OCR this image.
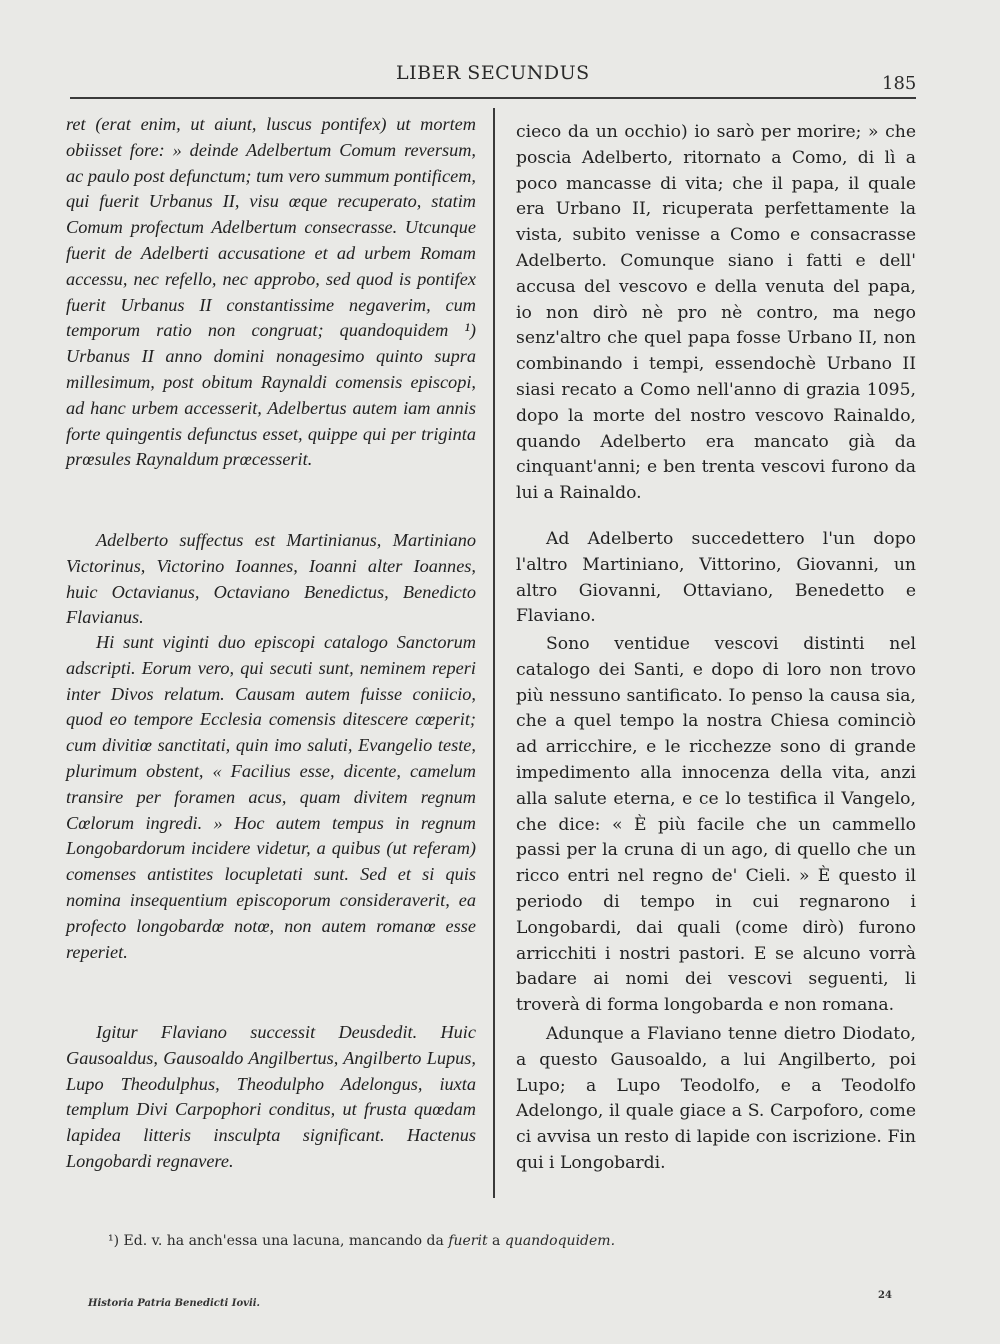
LIBER SECUNDUS	185

ret (erat enim, ut aiunt, luscus pontifex) ut mortem obiisset fore: » deinde Adelbertum Comum reversum, ac paulo post defunctum; tum vero summum pontificem, qui fuerit Urbanus II, visu œque recuperato, statim Comum profectum Adelbertum consecrasse. Utcunque fuerit de Adelberti accusatione et ad urbem Romam accessu, nec refello, nec approbo, sed quod is pontifex fuerit Urbanus II constantissime negaverim, cum temporum ratio non congruat; quandoquidem ¹) Urbanus II anno domini nonagesimo quinto supra millesimum, post obitum Raynaldi comensis episcopi, ad hanc urbem accesserit, Adelbertus autem iam annis forte quingentis defunctus esset, quippe qui per triginta prœsules Raynaldum prœcesserit.

Adelberto suffectus est Martinianus, Martiniano Victorinus, Victorino Ioannes, Ioanni alter Ioannes, huic Octavianus, Octaviano Benedictus, Benedicto Flavianus.

Hi sunt viginti duo episcopi catalogo Sanctorum adscripti. Eorum vero, qui secuti sunt, neminem reperi inter Divos relatum. Causam autem fuisse coniicio, quod eo tempore Ecclesia comensis ditescere cœperit; cum divitiœ sanctitati, quin imo saluti, Evangelio teste, plurimum obstent, « Facilius esse, dicente, camelum transire per foramen acus, quam divitem regnum Cœlorum ingredi. » Hoc autem tempus in regnum Longobardorum incidere videtur, a quibus (ut referam) comenses antistites locupletati sunt. Sed et si quis nomina insequentium episcoporum consideraverit, ea profecto longobardœ notœ, non autem romanœ esse reperiet.

Igitur Flaviano successit Deusdedit. Huic Gausoaldus, Gausoaldo Angilbertus, Angilberto Lupus, Lupo Theodulphus, Theodulpho Adelongus, iuxta templum Divi Carpophori conditus, ut frusta quœdam lapidea litteris insculpta significant. Hactenus Longobardi regnavere.

cieco da un occhio) io sarò per morire; » che poscia Adelberto, ritornato a Como, di lì a poco mancasse di vita; che il papa, il quale era Urbano II, ricuperata perfettamente la vista, subito venisse a Como e consacrasse Adelberto. Comunque siano i fatti e dell' accusa del vescovo e della venuta del papa, io non dirò nè pro nè contro, ma nego senz'altro che quel papa fosse Urbano II, non combinando i tempi, essendochè Urbano II siasi recato a Como nell'anno di grazia 1095, dopo la morte del nostro vescovo Rainaldo, quando Adelberto era mancato già da cinquant'anni; e ben trenta vescovi furono da lui a Rainaldo.

Ad Adelberto succedettero l'un dopo l'altro Martiniano, Vittorino, Giovanni, un altro Giovanni, Ottaviano, Benedetto e Flaviano.

Sono ventidue vescovi distinti nel catalogo dei Santi, e dopo di loro non trovo più nessuno santificato. Io penso la causa sia, che a quel tempo la nostra Chiesa cominciò ad arricchire, e le ricchezze sono di grande impedimento alla innocenza della vita, anzi alla salute eterna, e ce lo testifica il Vangelo, che dice: « È più facile che un cammello passi per la cruna di un ago, di quello che un ricco entri nel regno de' Cieli. » È questo il periodo di tempo in cui regnarono i Longobardi, dai quali (come dirò) furono arricchiti i nostri pastori. E se alcuno vorrà badare ai nomi dei vescovi seguenti, li troverà di forma longobarda e non romana.

Adunque a Flaviano tenne dietro Diodato, a questo Gausoaldo, a lui Angilberto, poi Lupo; a Lupo Teodolfo, e a Teodolfo Adelongo, il quale giace a S. Carpoforo, come ci avvisa un resto di lapide con iscrizione. Fin qui i Longobardi.

¹) Ed. v. ha anch'essa una lacuna, mancando da fuerit a quandoquidem.

Historia Patria Benedicti Iovii.
24
